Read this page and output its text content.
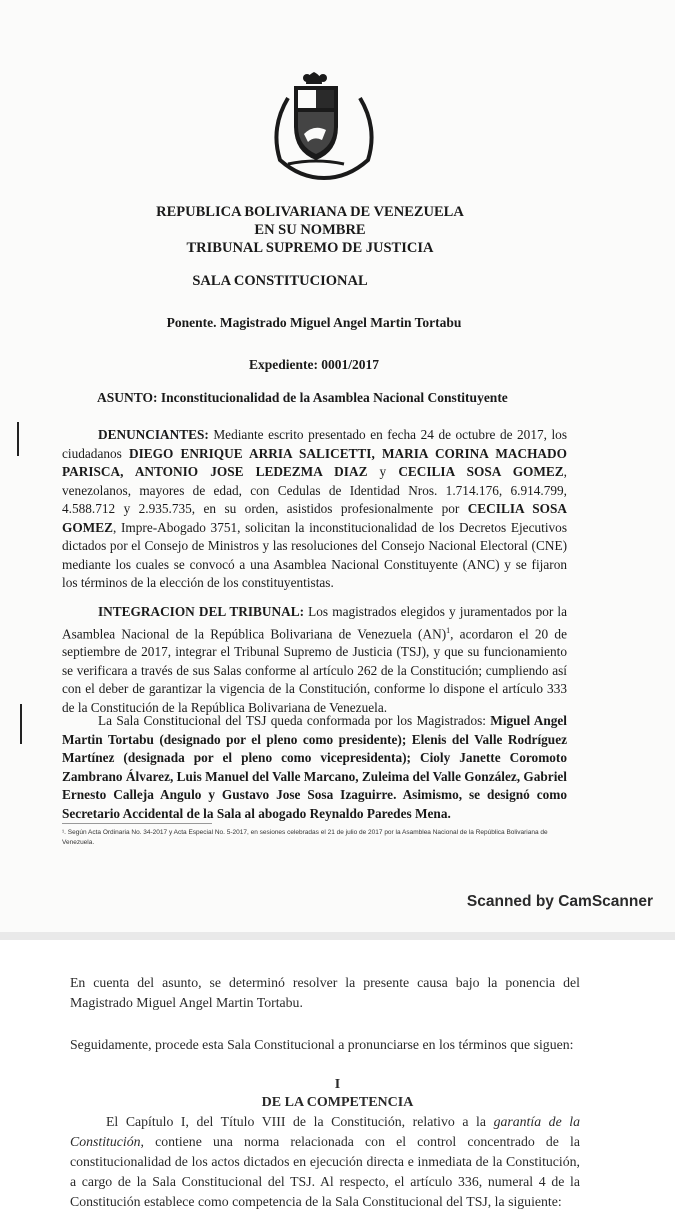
REPUBLICA BOLIVARIANA DE VENEZUELA
EN SU NOMBRE
TRIBUNAL SUPREMO DE JUSTICIA
SALA CONSTITUCIONAL
Ponente. Magistrado Miguel Angel Martin Tortabu
Expediente: 0001/2017
ASUNTO: Inconstitucionalidad de la Asamblea Nacional Constituyente
DENUNCIANTES: Mediante escrito presentado en fecha 24 de octubre de 2017, los ciudadanos DIEGO ENRIQUE ARRIA SALICETTI, MARIA CORINA MACHADO PARISCA, ANTONIO JOSE LEDEZMA DIAZ y CECILIA SOSA GOMEZ, venezolanos, mayores de edad, con Cedulas de Identidad Nros. 1.714.176, 6.914.799, 4.588.712 y 2.935.735, en su orden, asistidos profesionalmente por CECILIA SOSA GOMEZ, Impre-Abogado 3751, solicitan la inconstitucionalidad de los Decretos Ejecutivos dictados por el Consejo de Ministros y las resoluciones del Consejo Nacional Electoral (CNE) mediante los cuales se convocó a una Asamblea Nacional Constituyente (ANC) y se fijaron los términos de la elección de los constituyentistas.
INTEGRACION DEL TRIBUNAL: Los magistrados elegidos y juramentados por la Asamblea Nacional de la República Bolivariana de Venezuela (AN)$^1$, acordaron el 20 de septiembre de 2017, integrar el Tribunal Supremo de Justicia (TSJ), y que su funcionamiento se verificara a través de sus Salas conforme al artículo 262 de la Constitución; cumpliendo así con el deber de garantizar la vigencia de la Constitución, conforme lo dispone el artículo 333 de la Constitución de la República Bolivariana de Venezuela.
La Sala Constitucional del TSJ queda conformada por los Magistrados: Miguel Angel Martin Tortabu (designado por el pleno como presidente); Elenis del Valle Rodríguez Martínez (designada por el pleno como vicepresidenta); Cioly Janette Coromoto Zambrano Álvarez, Luis Manuel del Valle Marcano, Zuleima del Valle González, Gabriel Ernesto Calleja Angulo y Gustavo Jose Sosa Izaguirre. Asimismo, se designó como Secretario Accidental de la Sala al abogado Reynaldo Paredes Mena.
¹. Según Acta Ordinaria No. 34-2017 y Acta Especial No. 5-2017, en sesiones celebradas el 21 de julio de 2017 por la Asamblea Nacional de la República Bolivariana de Venezuela.
Scanned by CamScanner
En cuenta del asunto, se determinó resolver la presente causa bajo la ponencia del Magistrado Miguel Angel Martin Tortabu.
Seguidamente, procede esta Sala Constitucional a pronunciarse en los términos que siguen:
I
DE LA COMPETENCIA
El Capítulo I, del Título VIII de la Constitución, relativo a la garantía de la Constitución, contiene una norma relacionada con el control concentrado de la constitucionalidad de los actos dictados en ejecución directa e inmediata de la Constitución, a cargo de la Sala Constitucional del TSJ. Al respecto, el artículo 336, numeral 4 de la Constitución establece como competencia de la Sala Constitucional del TSJ, la siguiente:
